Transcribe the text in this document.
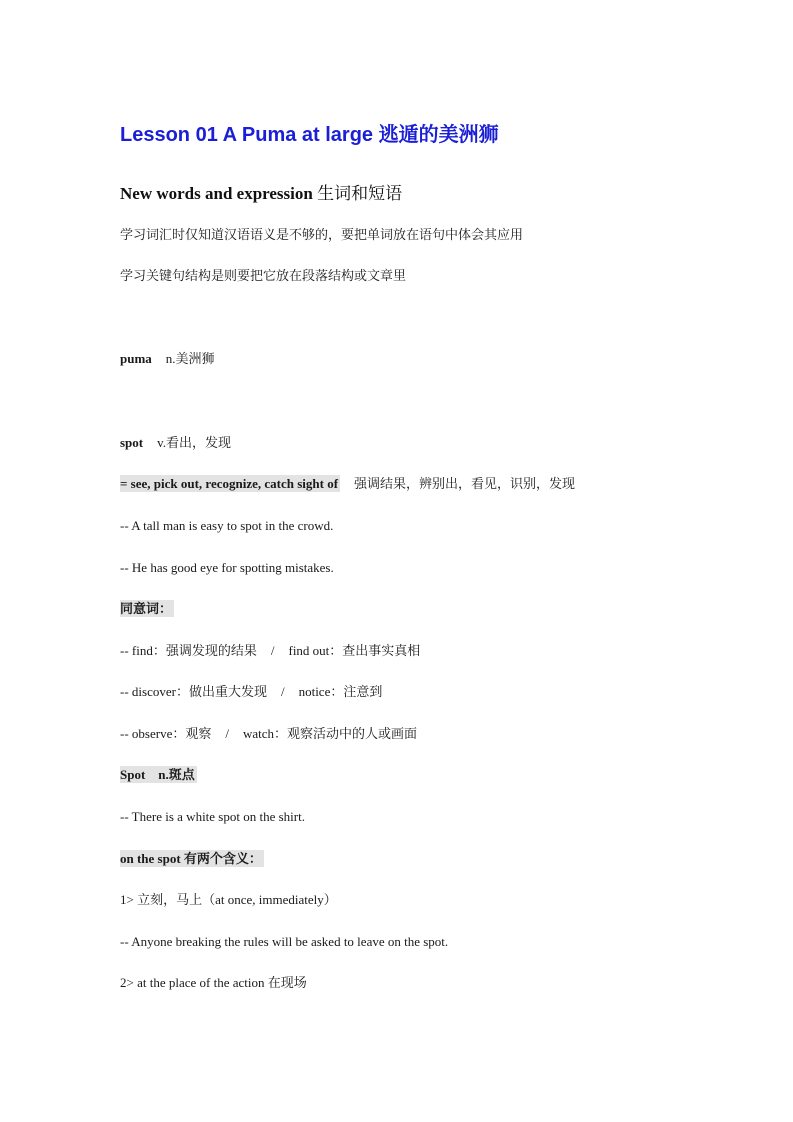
Lesson 01 A Puma at large 逃遁的美洲狮
New words and expression 生词和短语
学习词汇时仅知道汉语语义是不够的，要把单词放在语句中体会其应用
学习关键句结构是则要把它放在段落结构或文章里
puma n.美洲狮
spot v.看出，发现
= see, pick out, recognize, catch sight of 强调结果，辨别出，看见，识别，发现
-- A tall man is easy to spot in the crowd.
-- He has good eye for spotting mistakes.
同意词：
-- find：强调发现的结果 / find out：查出事实真相
-- discover：做出重大发现 / notice：注意到
-- observe：观察 / watch：观察活动中的人或画面
Spot    n.斑点
-- There is a white spot on the shirt.
on the spot 有两个含义：
1> 立刻，马上（at once, immediately）
-- Anyone breaking the rules will be asked to leave on the spot.
2> at the place of the action 在现场
